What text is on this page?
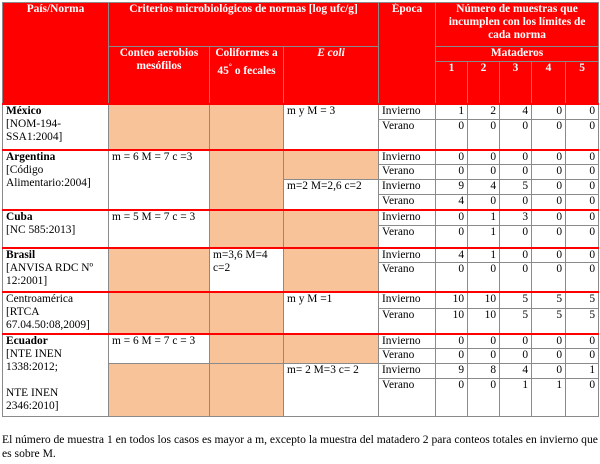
País/Norma	Criterios microbiológicos de normas [log ufc/g]			Época	Número de muestras que incumplen con los límites de cada norma				
	Conteo aerobios mesófilos	Coliformes a 45° o fecales	E coli		Mataderos				
					1	2	3	4	5
México
[NOM-194-SSA1:2004]			m y M = 3	Invierno	1	2	4	0	0
				Verano	0	0	0	0	0
Argentina
[Código Alimentario:2004]	m = 6 M = 7 c =3			Invierno	0	0	0	0	0
				Verano	0	0	0	0	0
			m=2 M=2,6 c=2	Invierno	9	4	5	0	0
				Verano	4	0	0	0	0
Cuba
[NC 585:2013]	m = 5 M = 7 c = 3			Invierno	0	1	3	0	0
				Verano	0	1	0	0	0
Brasil
[ANVISA RDC Nº 12:2001]		m=3,6 M=4 c=2		Invierno	4	1	0	0	0
				Verano	0	0	0	0	0
Centroamérica
[RTCA 67.04.50:08,2009]			m y M =1	Invierno	10	10	5	5	5
				Verano	10	10	5	5	5
Ecuador
[NTE INEN 1338:2012;

NTE INEN 2346:2010]	m = 6 M = 7 c = 3			Invierno	0	0	0	0	0
				Verano	0	0	0	0	0
			m= 2 M=3 c= 2	Invierno	9	8	4	0	1
				Verano	0	0	1	1	0
El número de muestra 1 en todos los casos es mayor a m, excepto la muestra del matadero 2 para conteos totales en invierno que es sobre M.
